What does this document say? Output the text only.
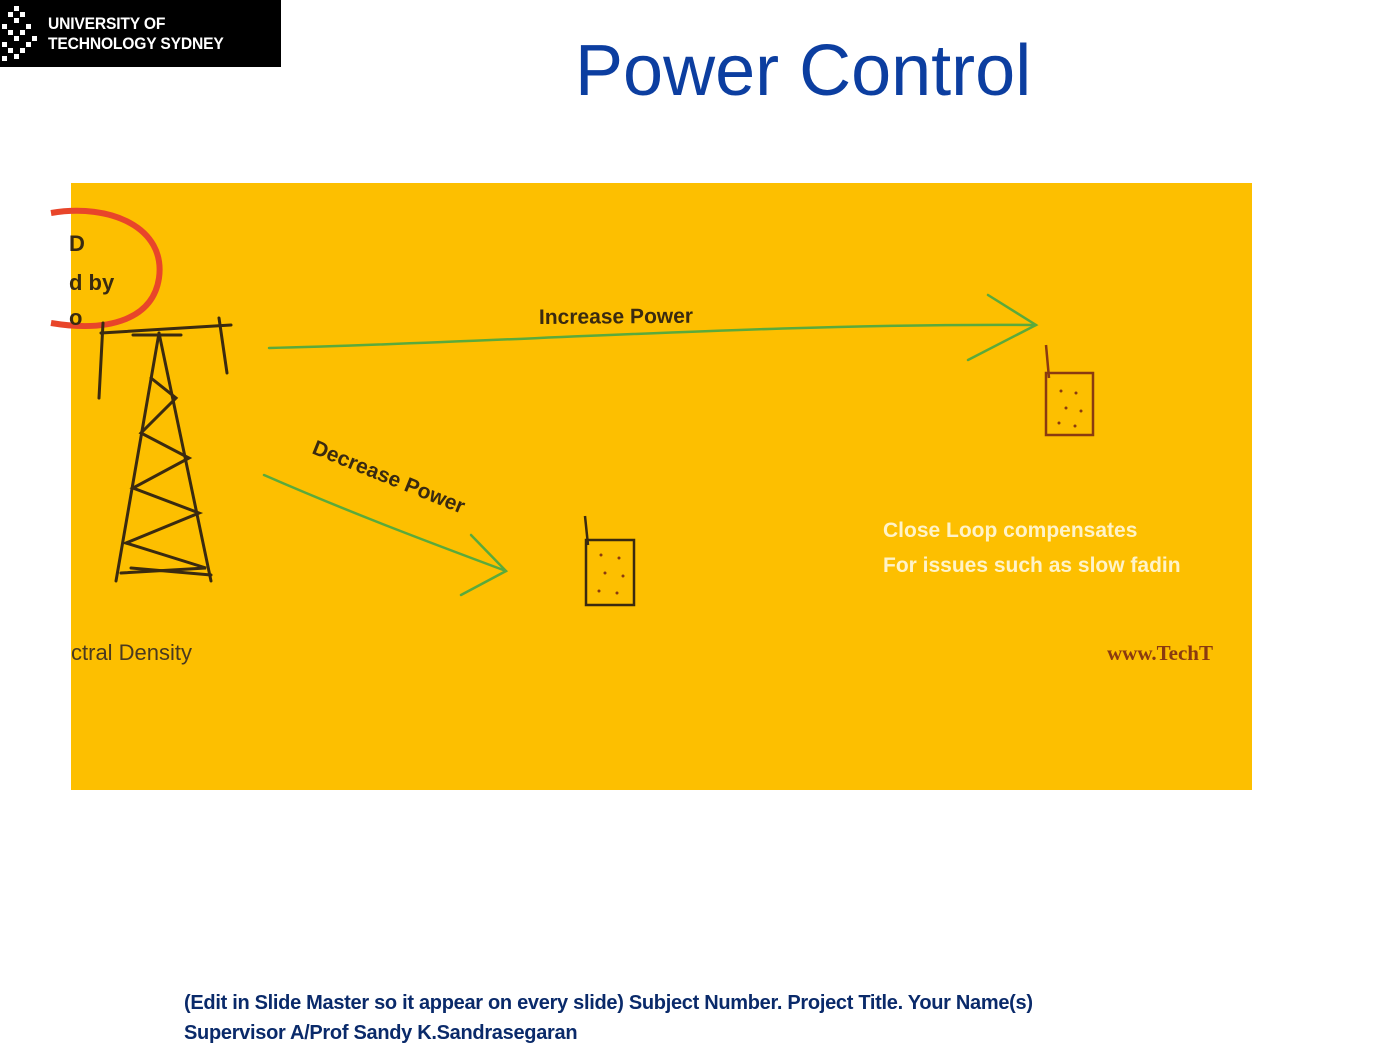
UNIVERSITY OF
TECHNOLOGY SYDNEY	Power Control
D
d by
o	Increase Power
Decrease Power
Close Loop compensates
For issues such as slow fadin
ctral Density	www.TechT
(Edit in Slide Master so it appear on every slide) Subject Number. Project Title. Your Name(s)
Supervisor A/Prof Sandy K.Sandrasegaran
